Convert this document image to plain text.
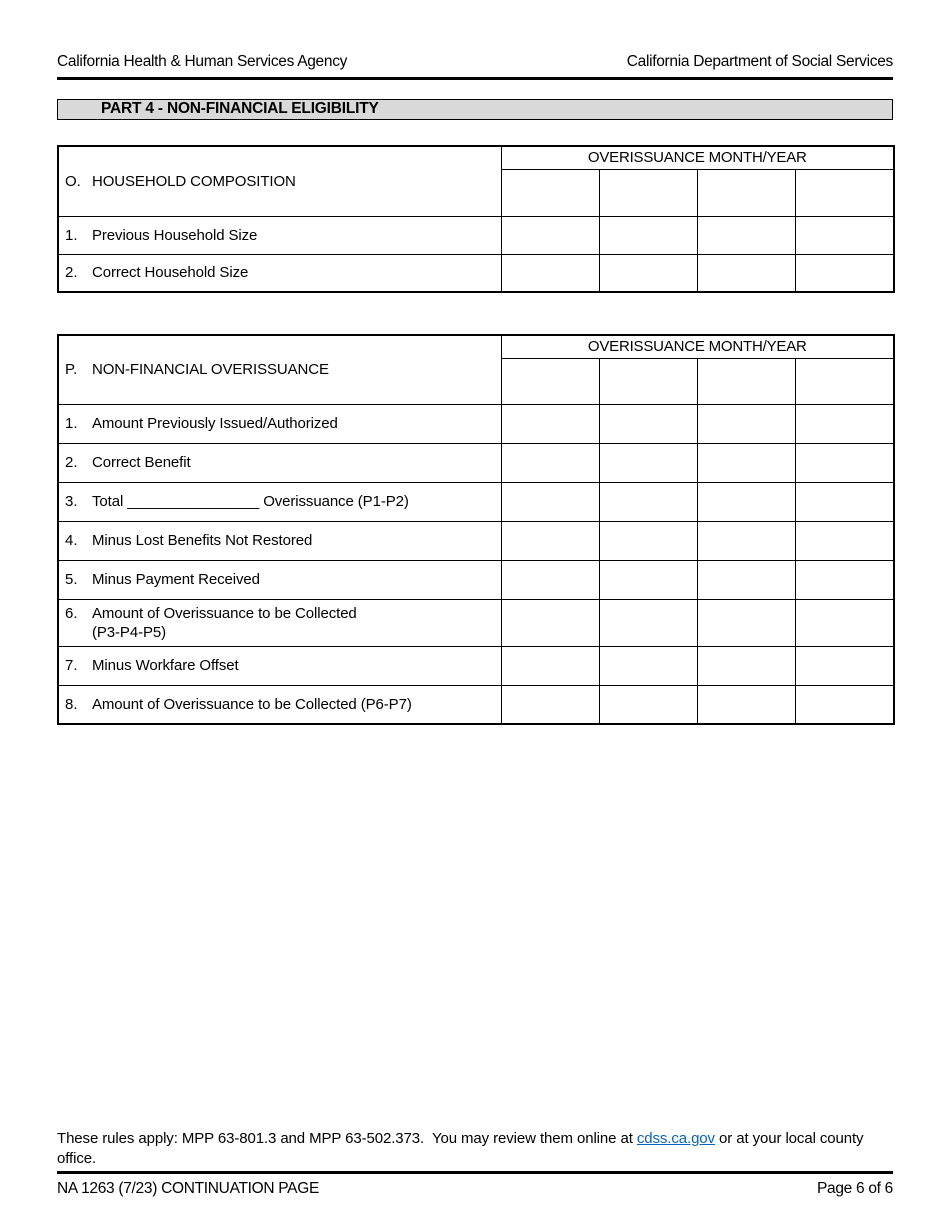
California Health & Human Services Agency	California Department of Social Services
PART 4 - NON-FINANCIAL ELIGIBILITY
O. HOUSEHOLD COMPOSITION	OVERISSUANCE MONTH/YEAR			

1. Previous Household Size				
2. Correct Household Size				
P. NON-FINANCIAL OVERISSUANCE	OVERISSUANCE MONTH/YEAR			

1. Amount Previously Issued/Authorized				
2. Correct Benefit				
3. Total ________________ Overissuance (P1-P2)				
4. Minus Lost Benefits Not Restored				
5. Minus Payment Received				
6. Amount of Overissuance to be Collected
(P3-P4-P5)				
7. Minus Workfare Offset				
8. Amount of Overissuance to be Collected (P6-P7)				

These rules apply: MPP 63-801.3 and MPP 63-502.373.  You may review them online at cdss.ca.gov or at your local county office.

NA 1263 (7/23) CONTINUATION PAGE	Page 6 of 6
